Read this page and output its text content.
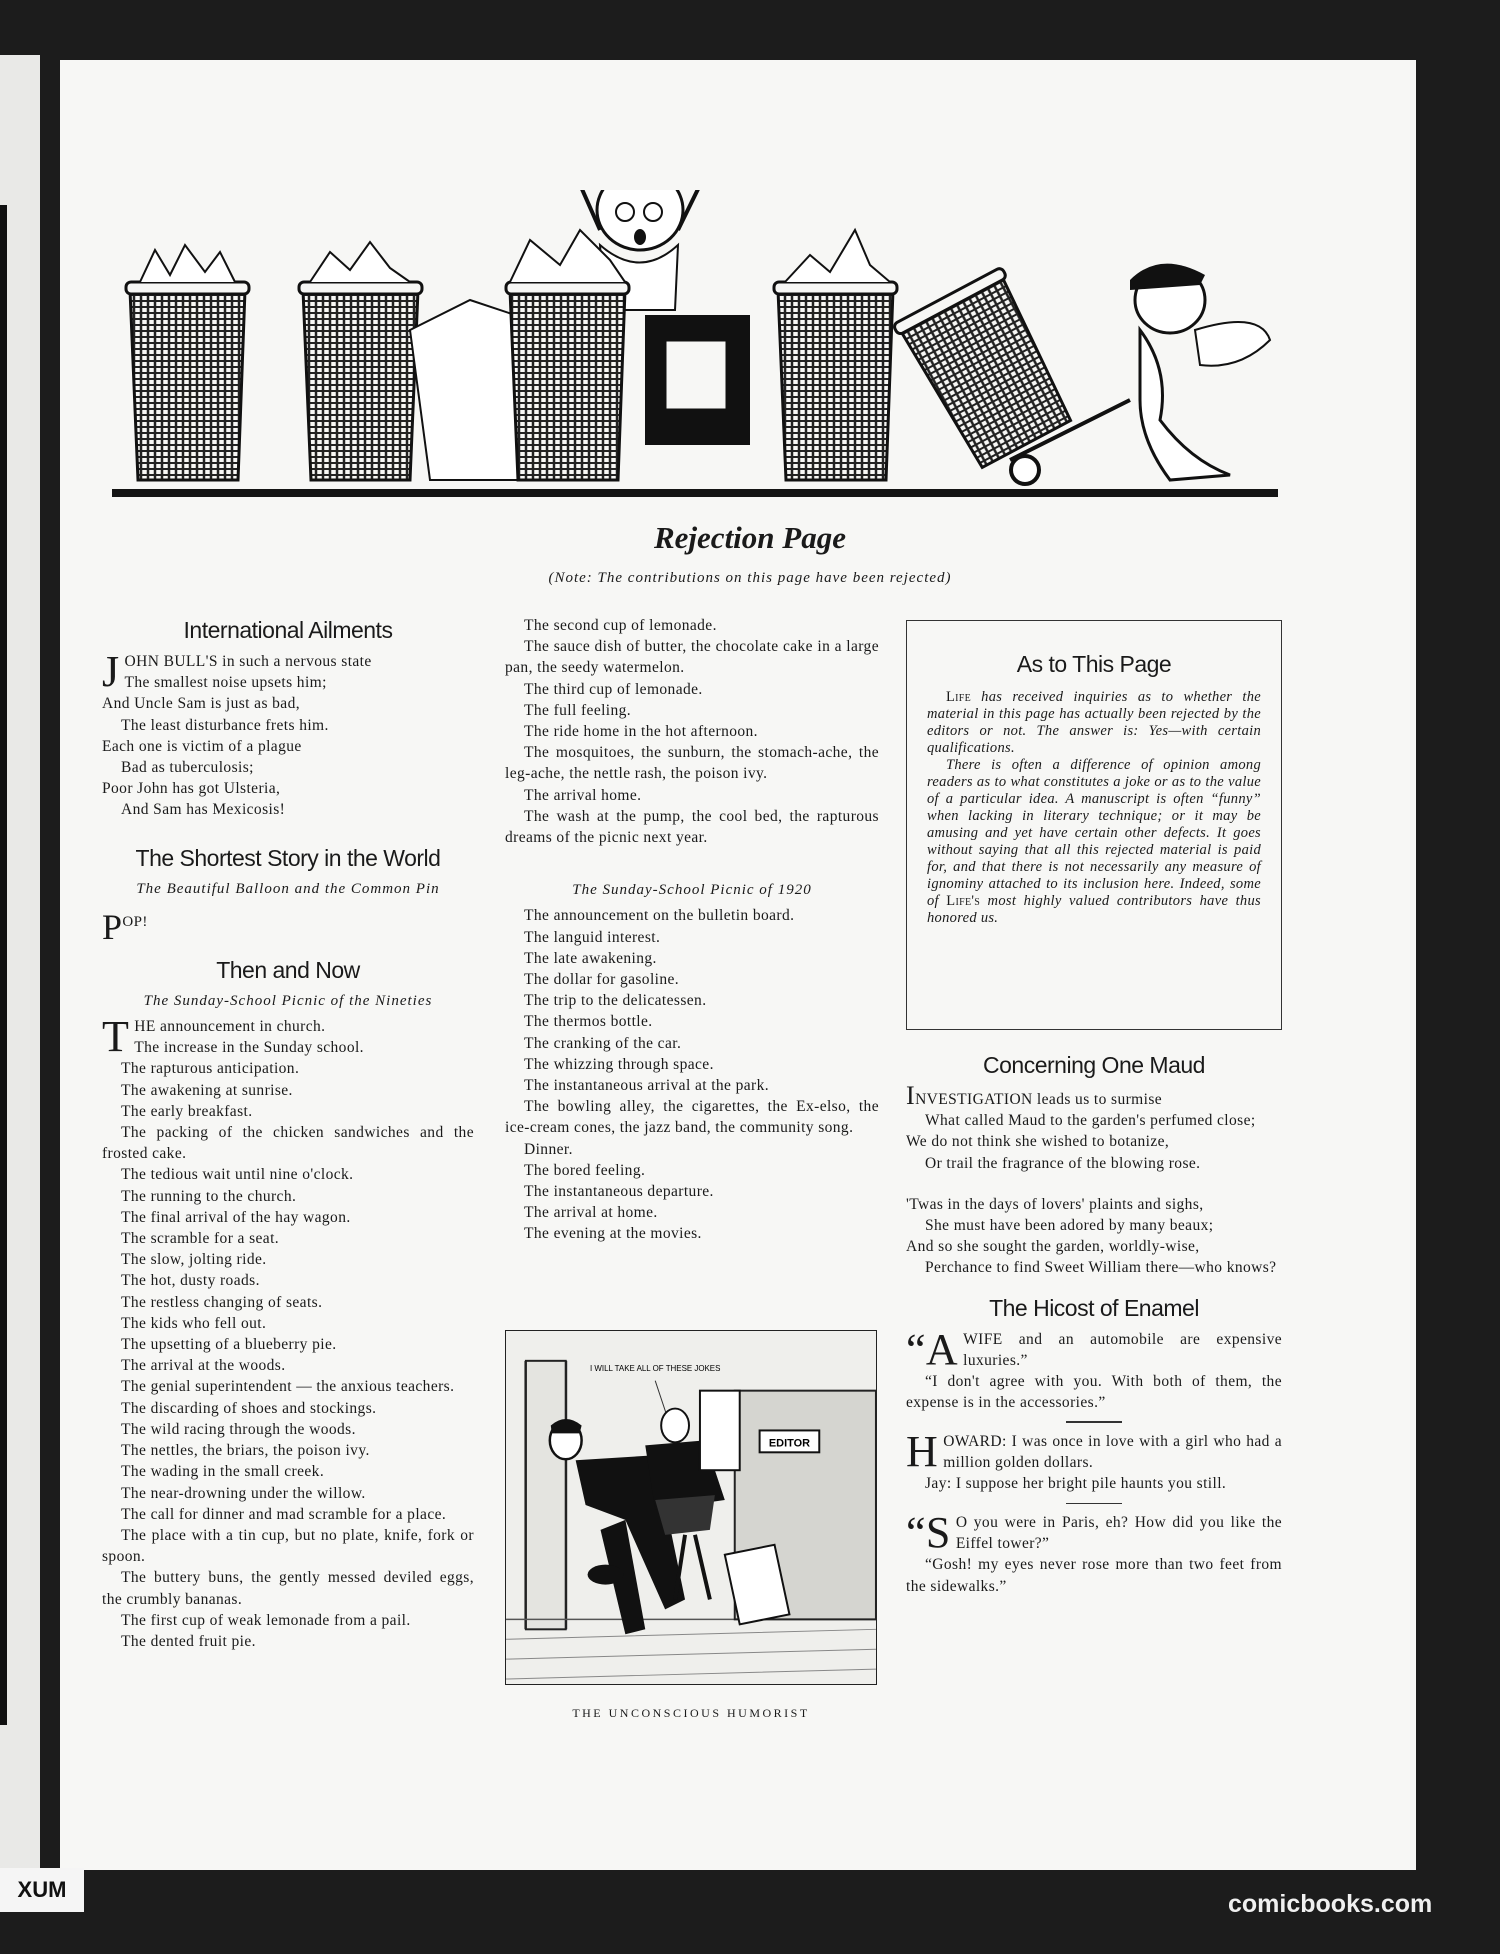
Rejection Page
(Note: The contributions on this page have been rejected)
International Ailments

JOHN BULL'S in such a nervous state

The smallest noise upsets him;

And Uncle Sam is just as bad,

The least disturbance frets him.

Each one is victim of a plague

Bad as tuberculosis;

Poor John has got Ulsteria,

And Sam has Mexicosis!

The Shortest Story in the World
The Beautiful Balloon and the Common Pin
$P^{OP!}$
Then and Now
The Sunday-School Picnic of the Nineties

THE announcement in church.
The increase in the Sunday school.

The rapturous anticipation.

The awakening at sunrise.

The early breakfast.

The packing of the chicken sandwiches and the frosted cake.

The tedious wait until nine o'clock.

The running to the church.

The final arrival of the hay wagon.

The scramble for a seat.

The slow, jolting ride.

The hot, dusty roads.

The restless changing of seats.

The kids who fell out.

The upsetting of a blueberry pie.

The arrival at the woods.

The genial superintendent — the anxious teachers.

The discarding of shoes and stockings.

The wild racing through the woods.

The nettles, the briars, the poison ivy.

The wading in the small creek.

The near-drowning under the willow.

The call for dinner and mad scramble for a place.

The place with a tin cup, but no plate, knife, fork or spoon.

The buttery buns, the gently messed deviled eggs, the crumbly bananas.

The first cup of weak lemonade from a pail.

The dented fruit pie.

The second cup of lemonade.

The sauce dish of butter, the chocolate cake in a large pan, the seedy watermelon.

The third cup of lemonade.

The full feeling.

The ride home in the hot afternoon.

The mosquitoes, the sunburn, the stomach-ache, the leg-ache, the nettle rash, the poison ivy.

The arrival home.

The wash at the pump, the cool bed, the rapturous dreams of the picnic next year.

The Sunday-School Picnic of 1920

The announcement on the bulletin board.

The languid interest.

The late awakening.

The dollar for gasoline.

The trip to the delicatessen.

The thermos bottle.

The cranking of the car.

The whizzing through space.

The instantaneous arrival at the park.

The bowling alley, the cigarettes, the Ex-elso, the ice-cream cones, the jazz band, the community song.

Dinner.

The bored feeling.

The instantaneous departure.

The arrival at home.

The evening at the movies.

EDITOR
I WILL TAKE ALL OF THESE JOKES
THE UNCONSCIOUS HUMORIST
As to This Page

Life has received inquiries as to whether the material in this page has actually been rejected by the editors or not. The answer is: Yes—with certain qualifications.

There is often a difference of opinion among readers as to what constitutes a joke or as to the value of a particular idea. A manuscript is often “funny” when lacking in literary technique; or it may be amusing and yet have certain other defects. It goes without saying that all this rejected material is paid for, and that there is not necessarily any measure of ignominy attached to its inclusion here. Indeed, some of Life's most highly valued contributors have thus honored us.

Concerning One Maud

INVESTIGATION leads us to surmise

What called Maud to the garden's perfumed close;

We do not think she wished to botanize,

Or trail the fragrance of the blowing rose.

'Twas in the days of lovers' plaints and sighs,

She must have been adored by many beaux;

And so she sought the garden, worldly-wise,

Perchance to find Sweet William there—who knows?

The Hicost of Enamel

“AWIFE and an automobile are expensive luxuries.”

“I don't agree with you. With both of them, the expense is in the accessories.”

HOWARD: I was once in love with a girl who had a million golden dollars.

Jay: I suppose her bright pile haunts you still.

“S O you were in Paris, eh? How did you like the Eiffel tower?”

“Gosh! my eyes never rose more than two feet from the sidewalks.”

XUM
comicbooks.com
